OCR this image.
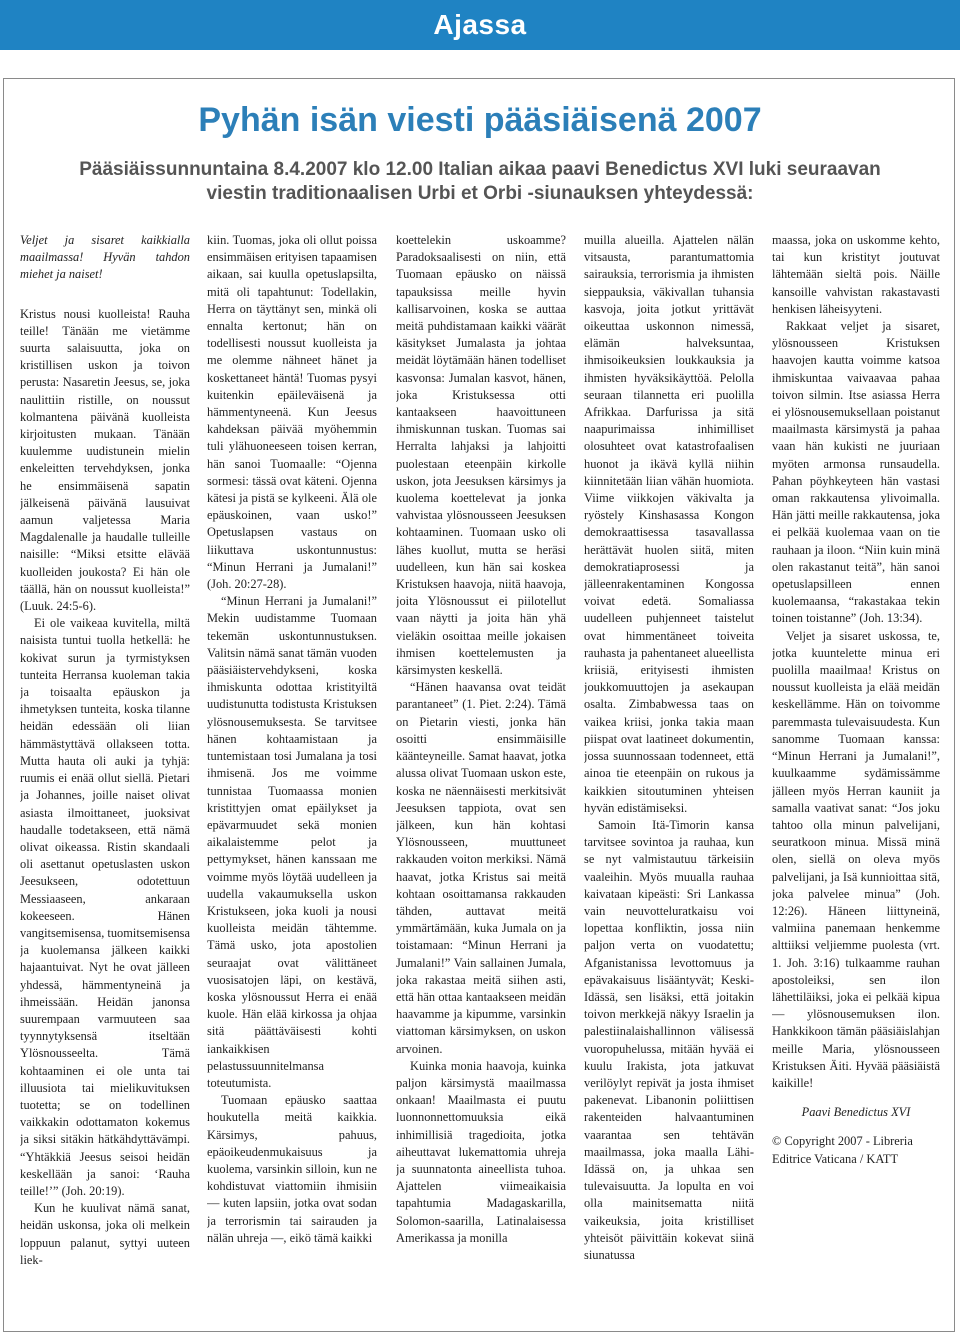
Ajassa
Pyhän isän viesti pääsiäisenä 2007
Pääsiäissunnuntaina 8.4.2007 klo 12.00 Italian aikaa paavi Benedictus XVI luki seuraavan viestin traditionaalisen Urbi et Orbi -siunauksen yhteydessä:

Veljet ja sisaret kaikkialla maailmassa! Hyvän tahdon miehet ja naiset!

Kristus nousi kuolleista! Rauha teille! Tänään me vietämme suurta salaisuutta, joka on kristillisen uskon ja toivon perusta: Nasaretin Jeesus, se, joka naulittiin ristille, on noussut kolmantena päivänä kuolleista kirjoitusten mukaan. Tänään kuulemme uudistunein mielin enkeleitten tervehdyksen, jonka he ensimmäisenä sapatin jälkeisenä päivänä lausuivat aamun valjetessa Maria Magdalenalle ja haudalle tulleille naisille: “Miksi etsitte elävää kuolleiden joukosta? Ei hän ole täällä, hän on noussut kuolleista!” (Luuk. 24:5-6).

Ei ole vaikeaa kuvitella, miltä naisista tuntui tuolla hetkellä: he kokivat surun ja tyrmistyksen tunteita Herransa kuoleman takia ja toisaalta epäuskon ja ihmetyksen tunteita, koska tilanne heidän edessään oli liian hämmästyttävä ollakseen totta. Mutta hauta oli auki ja tyhjä: ruumis ei enää ollut siellä. Pietari ja Johannes, joille naiset olivat asiasta ilmoittaneet, juoksivat haudalle todetakseen, että nämä olivat oikeassa. Ristin skandaali oli asettanut opetuslasten uskon Jeesukseen, odotettuun Messiaaseen, ankaraan kokeeseen. Hänen vangitsemisensa, tuomitsemisensa ja kuolemansa jälkeen kaikki hajaantuivat. Nyt he ovat jälleen yhdessä, hämmentyneinä ja ihmeissään. Heidän janonsa suurempaan varmuuteen saa tyynnytyksensä itseltään Ylösnousseelta. Tämä kohtaaminen ei ole unta tai illuusiota tai mielikuvituksen tuotetta; se on todellinen vaikkakin odottamaton kokemus ja siksi sitäkin hätkähdyttävämpi. “Yhtäkkiä Jeesus seisoi heidän keskellään ja sanoi: ‘Rauha teille!’” (Joh. 20:19).

Kun he kuulivat nämä sanat, heidän uskonsa, joka oli melkein loppuun palanut, syttyi uuteen liek-

kiin. Tuomas, joka oli ollut poissa ensimmäisen erityisen tapaamisen aikaan, sai kuulla opetuslapsilta, mitä oli tapahtunut: Todellakin, Herra on täyttänyt sen, minkä oli ennalta kertonut; hän on todellisesti noussut kuolleista ja me olemme nähneet hänet ja koskettaneet häntä! Tuomas pysyi kuitenkin epäileväisenä ja hämmentyneenä. Kun Jeesus kahdeksan päivää myöhemmin tuli ylähuoneeseen toisen kerran, hän sanoi Tuomaalle: “Ojenna sormesi: tässä ovat käteni. Ojenna kätesi ja pistä se kylkeeni. Älä ole epäuskoinen, vaan usko!” Opetuslapsen vastaus on liikuttava uskontunnustus: “Minun Herrani ja Jumalani!” (Joh. 20:27-28).

“Minun Herrani ja Jumalani!” Mekin uudistamme Tuomaan tekemän uskontunnustuksen. Valitsin nämä sanat tämän vuoden pääsiäistervehdykseni, koska ihmiskunta odottaa kristityiltä uudistunutta todistusta Kristuksen ylösnousemuksesta. Se tarvitsee hänen kohtaamistaan ja tuntemistaan tosi Jumalana ja tosi ihmisenä. Jos me voimme tunnistaa Tuomaassa monien kristittyjen omat epäilykset ja epävarmuudet sekä monien aikalaistemme pelot ja pettymykset, hänen kanssaan me voimme myös löytää uudelleen ja uudella vakaumuksella uskon Kristukseen, joka kuoli ja nousi kuolleista meidän tähtemme. Tämä usko, jota apostolien seuraajat ovat välittäneet vuosisatojen läpi, on kestävä, koska ylösnoussut Herra ei enää kuole. Hän elää kirkossa ja ohjaa sitä päättäväisesti kohti iankaikkisen pelastussuunnitelmansa toteutumista.

Tuomaan epäusko saattaa houkutella meitä kaikkia. Kärsimys, pahuus, epäoikeudenmukaisuus ja kuolema, varsinkin silloin, kun ne kohdistuvat viattomiin ihmisiin — kuten lapsiin, jotka ovat sodan ja terrorismin tai sairauden ja nälän uhreja —, eikö tämä kaikki

koettelekin uskoamme? Paradoksaalisesti on niin, että Tuomaan epäusko on näissä tapauksissa meille hyvin kallisarvoinen, koska se auttaa meitä puhdistamaan kaikki väärät käsitykset Jumalasta ja johtaa meidät löytämään hänen todelliset kasvonsa: Jumalan kasvot, hänen, joka Kristuksessa otti kantaakseen haavoittuneen ihmiskunnan tuskan. Tuomas sai Herralta lahjaksi ja lahjoitti puolestaan eteenpäin kirkolle uskon, jota Jeesuksen kärsimys ja kuolema koettelevat ja jonka vahvistaa ylösnousseen Jeesuksen kohtaaminen. Tuomaan usko oli lähes kuollut, mutta se heräsi uudelleen, kun hän sai koskea Kristuksen haavoja, niitä haavoja, joita Ylösnoussut ei piilotellut vaan näytti ja joita hän yhä vieläkin osoittaa meille jokaisen ihmisen koettelemusten ja kärsimysten keskellä.

“Hänen haavansa ovat teidät parantaneet” (1. Piet. 2:24). Tämä on Pietarin viesti, jonka hän osoitti ensimmäisille käänteyneille. Samat haavat, jotka alussa olivat Tuomaan uskon este, koska ne näennäisesti merkitsivät Jeesuksen tappiota, ovat sen jälkeen, kun hän kohtasi Ylösnousseen, muuttuneet rakkauden voiton merkiksi. Nämä haavat, jotka Kristus sai meitä kohtaan osoittamansa rakkauden tähden, auttavat meitä ymmärtämään, kuka Jumala on ja toistamaan: “Minun Herrani ja Jumalani!” Vain sallainen Jumala, joka rakastaa meitä siihen asti, että hän ottaa kantaakseen meidän haavamme ja kipumme, varsinkin viattoman kärsimyksen, on uskon arvoinen.

Kuinka monia haavoja, kuinka paljon kärsimystä maailmassa onkaan! Maailmasta ei puutu luonnonnettomuuksia eikä inhimillisiä tragedioita, jotka aiheuttavat lukemattomia uhreja ja suunnatonta aineellista tuhoa. Ajattelen viimeaikaisia tapahtumia Madagaskarilla, Solomon-saarilla, Latinalaisessa Amerikassa ja monilla

muilla alueilla. Ajattelen nälän vitsausta, parantumattomia sairauksia, terrorismia ja ihmisten sieppauksia, väkivallan tuhansia kasvoja, joita jotkut yrittävät oikeuttaa uskonnon nimessä, elämän halveksuntaa, ihmisoikeuksien loukkauksia ja ihmisten hyväksikäyttöä. Pelolla seuraan tilannetta eri puolilla Afrikkaa. Darfurissa ja sitä naapurimaissa inhimilliset olosuhteet ovat katastrofaalisen huonot ja ikävä kyllä niihin kiinnitetään liian vähän huomiota. Viime viikkojen väkivalta ja ryöstely Kinshasassa Kongon demokraattisessa tasavallassa herättävät huolen siitä, miten demokratiaprosessi ja jälleenrakentaminen Kongossa voivat edetä. Somaliassa uudelleen puhjenneet taistelut ovat himmentäneet toiveita rauhasta ja pahentaneet alueellista kriisiä, erityisesti ihmisten joukkomuuttojen ja asekaupan osalta. Zimbabwessa taas on vaikea kriisi, jonka takia maan piispat ovat laatineet dokumentin, jossa suunnossaan todenneet, että ainoa tie eteenpäin on rukous ja kaikkien sitoutuminen yhteisen hyvän edistämiseksi.

Samoin Itä-Timorin kansa tarvitsee sovintoa ja rauhaa, kun se nyt valmistautuu tärkeisiin vaaleihin. Myös muualla rauhaa kaivataan kipeästi: Sri Lankassa vain neuvotteluratkaisu voi lopettaa konfliktin, jossa niin paljon verta on vuodatettu; Afganistanissa levottomuus ja epävakaisuus lisääntyvät; Keski-Idässä, sen lisäksi, että joitakin toivon merkkejä näkyy Israelin ja palestiinalaishallinnon välisessä vuoropuhelussa, mitään hyvää ei kuulu Irakista, jota jatkuvat verilöylyt repivät ja josta ihmiset pakenevat. Libanonin poliittisen rakenteiden halvaantuminen vaarantaa sen tehtävän maailmassa, joka maalla Lähi-Idässä on, ja uhkaa sen tulevaisuutta. Ja lopulta en voi olla mainitsematta niitä vaikeuksia, joita kristilliset yhteisöt päivittäin kokevat siinä siunatussa

maassa, joka on uskomme kehto, tai kun kristityt joutuvat lähtemään sieltä pois. Näille kansoille vahvistan rakastavasti henkisen läheisyyteni.

Rakkaat veljet ja sisaret, ylösnousseen Kristuksen haavojen kautta voimme katsoa ihmiskuntaa vaivaavaa pahaa toivon silmin. Itse asiassa Herra ei ylösnousemuksellaan poistanut maailmasta kärsimystä ja pahaa vaan hän kukisti ne juuriaan myöten armonsa runsaudella. Pahan pöyhkeyteen hän vastasi oman rakkautensa ylivoimalla. Hän jätti meille rakkautensa, joka ei pelkää kuolemaa vaan on tie rauhaan ja iloon. “Niin kuin minä olen rakastanut teitä”, hän sanoi opetuslapsilleen ennen kuolemaansa, “rakastakaa tekin toinen toistanne” (Joh. 13:34).

Veljet ja sisaret uskossa, te, jotka kuuntelette minua eri puolilla maailmaa! Kristus on noussut kuolleista ja elää meidän keskellämme. Hän on toivomme paremmasta tulevaisuudesta. Kun sanomme Tuomaan kanssa: “Minun Herrani ja Jumalani!”, kuulkaamme sydämissämme jälleen myös Herran kauniit ja samalla vaativat sanat: “Jos joku tahtoo olla minun palvelijani, seuratkoon minua. Missä minä olen, siellä on oleva myös palvelijani, ja Isä kunnioittaa sitä, joka palvelee minua” (Joh. 12:26). Häneen liittyneinä, valmiina panemaan henkemme alttiiksi veljiemme puolesta (vrt. 1. Joh. 3:16) tulkaamme rauhan apostoleiksi, sen ilon lähettiläiksi, joka ei pelkää kipua — ylösnousemuksen ilon. Hankkikoon tämän pääsiäislahjan meille Maria, ylösnousseen Kristuksen Äiti. Hyvää pääsiäistä kaikille!

Paavi Benedictus XVI

© Copyright 2007 - Libreria Editrice Vaticana / KATT
